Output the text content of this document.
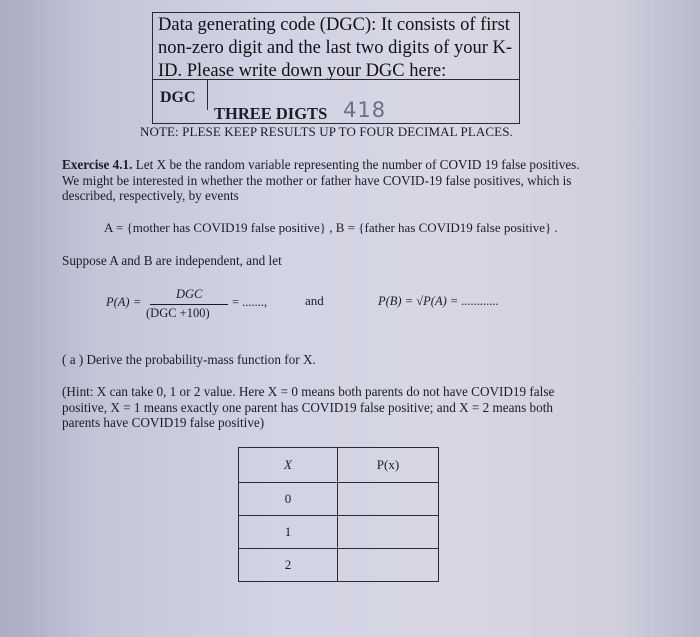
Data generating code (DGC): It consists of first
non-zero digit and the last two digits of your K-
ID. Please write down your DGC here:
DGC
THREE DIGTS 418
NOTE: PLESE KEEP RESULTS UP TO FOUR DECIMAL PLACES.
Exercise 4.1. Let X be the random variable representing the number of COVID 19 false positives.
We might be interested in whether the mother or father have COVID-19 false positives, which is
described, respectively, by events
A = {mother has COVID19 false positive} , B = {father has COVID19 false positive} .
Suppose A and B are independent, and let
P(A) =
DGC
(DGC +100)
= .......,	and	P(B) = √P(A) = ............
( a ) Derive the probability-mass function for X.
(Hint: X can take 0, 1 or 2 value. Here X = 0 means both parents do not have COVID19 false
positive, X = 1 means exactly one parent has COVID19 false positive; and X = 2 means both
parents have COVID19 false positive)
X	P(x)
0	
1	
2	
